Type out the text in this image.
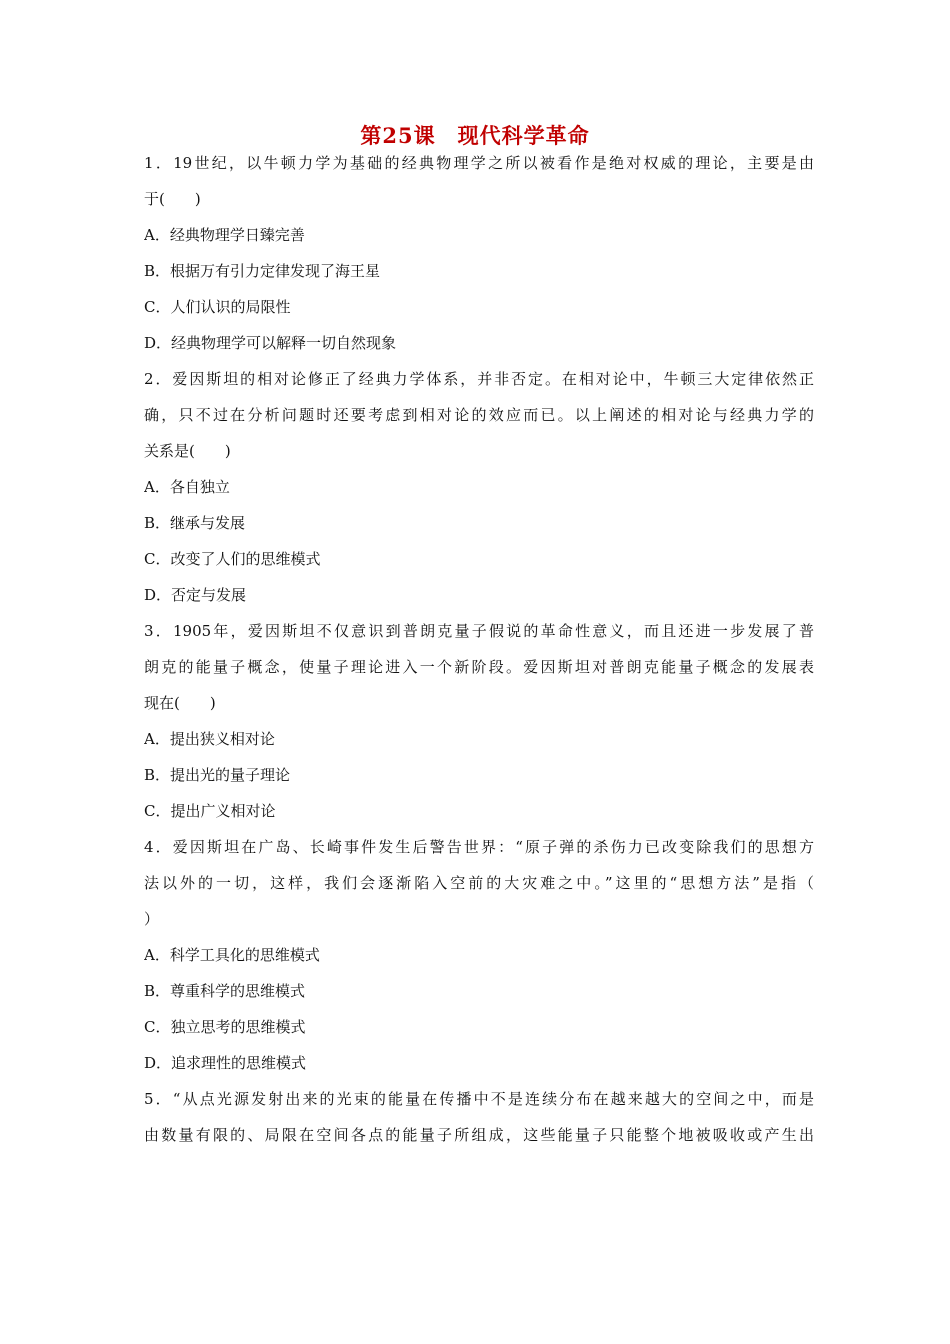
第25课　现代科学革命
1．19世纪，以牛顿力学为基础的经典物理学之所以被看作是绝对权威的理论，主要是由
于(　　)
A．经典物理学日臻完善
B．根据万有引力定律发现了海王星
C．人们认识的局限性
D．经典物理学可以解释一切自然现象
2．爱因斯坦的相对论修正了经典力学体系，并非否定。在相对论中，牛顿三大定律依然正
确，只不过在分析问题时还要考虑到相对论的效应而已。以上阐述的相对论与经典力学的
关系是(　　)
A．各自独立
B．继承与发展
C．改变了人们的思维模式
D．否定与发展
3．1905年，爱因斯坦不仅意识到普朗克量子假说的革命性意义，而且还进一步发展了普
朗克的能量子概念，使量子理论进入一个新阶段。爱因斯坦对普朗克能量子概念的发展表
现在(　　)
A．提出狭义相对论
B．提出光的量子理论
C．提出广义相对论
4．爱因斯坦在广岛、长崎事件发生后警告世界：“原子弹的杀伤力已改变除我们的思想方
法以外的一切，这样，我们会逐渐陷入空前的大灾难之中。”这里的“思想方法”是指（
）
A．科学工具化的思维模式
B．尊重科学的思维模式
C．独立思考的思维模式
D．追求理性的思维模式
5．“从点光源发射出来的光束的能量在传播中不是连续分布在越来越大的空间之中，而是
由数量有限的、局限在空间各点的能量子所组成，这些能量子只能整个地被吸收或产生出
